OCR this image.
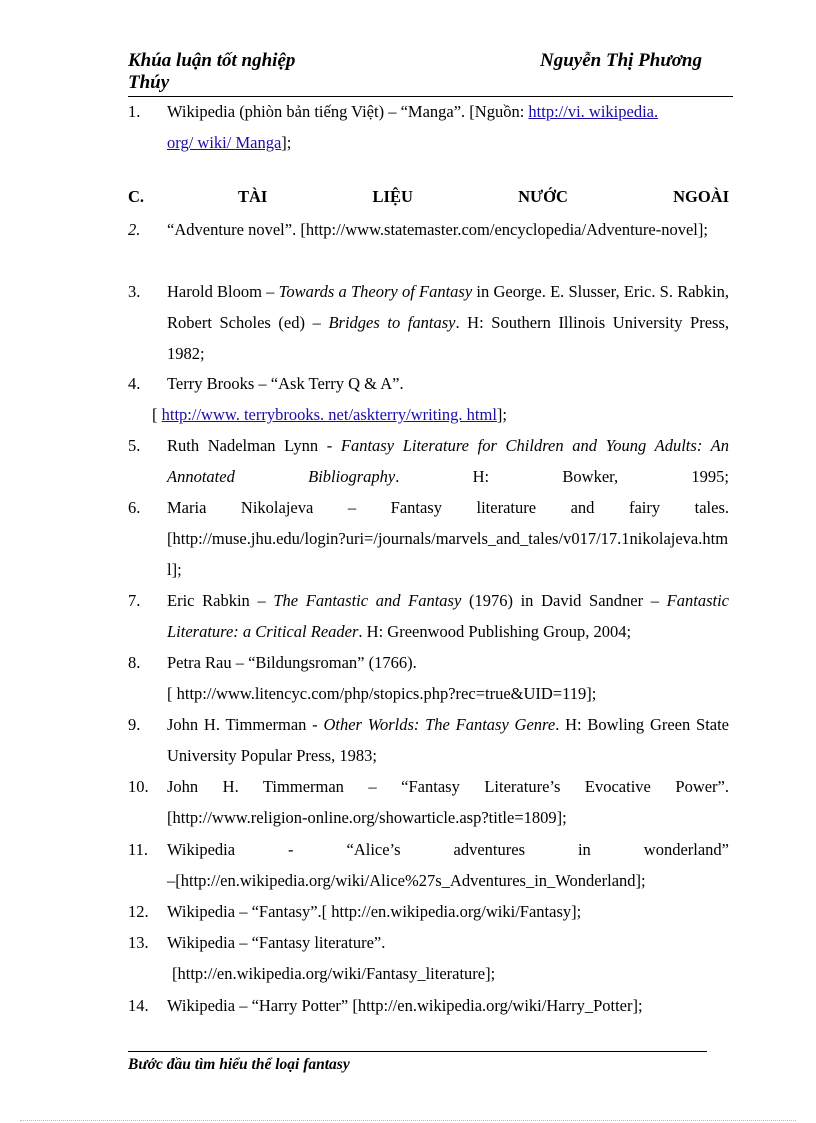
Khúa luận tốt nghiệp
Thúy
Nguyễn Thị Phương
1.	Wikipedia (phiòn bản tiếng Việt) – “Manga”. [Nguồn: http://vi. wikipedia.
org/ wiki/ Manga];
C.	TÀI	LIỆU	NƯỚC	NGOÀI
2.	“Adventure novel”. [http://www.statemaster.com/encyclopedia/Adventure-novel];
3.	Harold Bloom – Towards a Theory of Fantasy in George. E. Slusser, Eric. S. Rabkin, Robert Scholes (ed) – Bridges to fantasy. H: Southern Illinois University Press, 1982;
4.	Terry Brooks – “Ask Terry Q & A”.
[ http://www. terrybrooks. net/askterry/writing. html];
5.	Ruth Nadelman Lynn - Fantasy Literature for Children and Young Adults: An Annotated Bibliography. H: Bowker, 1995;
6.	Maria Nikolajeva – Fantasy literature and fairy tales.
[http://muse.jhu.edu/login?uri=/journals/marvels_and_tales/v017/17.1nikolajeva.html];
7.	Eric Rabkin – The Fantastic and Fantasy (1976) in David Sandner – Fantastic Literature: a Critical Reader. H: Greenwood Publishing Group, 2004;
8.	Petra Rau – “Bildungsroman” (1766).
[ http://www.litencyc.com/php/stopics.php?rec=true&UID=119];
9.	John H. Timmerman - Other Worlds: The Fantasy Genre. H: Bowling Green State University Popular Press, 1983;
10.	John H. Timmerman – “Fantasy Literature’s Evocative Power”.
[http://www.religion-online.org/showarticle.asp?title=1809];
11.	Wikipedia - “Alice’s adventures in wonderland”
–[http://en.wikipedia.org/wiki/Alice%27s_Adventures_in_Wonderland];
12.	Wikipedia – “Fantasy”.[ http://en.wikipedia.org/wiki/Fantasy];
13.	Wikipedia – “Fantasy literature”.
[http://en.wikipedia.org/wiki/Fantasy_literature];
14.	Wikipedia – “Harry Potter” [http://en.wikipedia.org/wiki/Harry_Potter];
Bước đầu tìm hiểu thể loại fantasy
